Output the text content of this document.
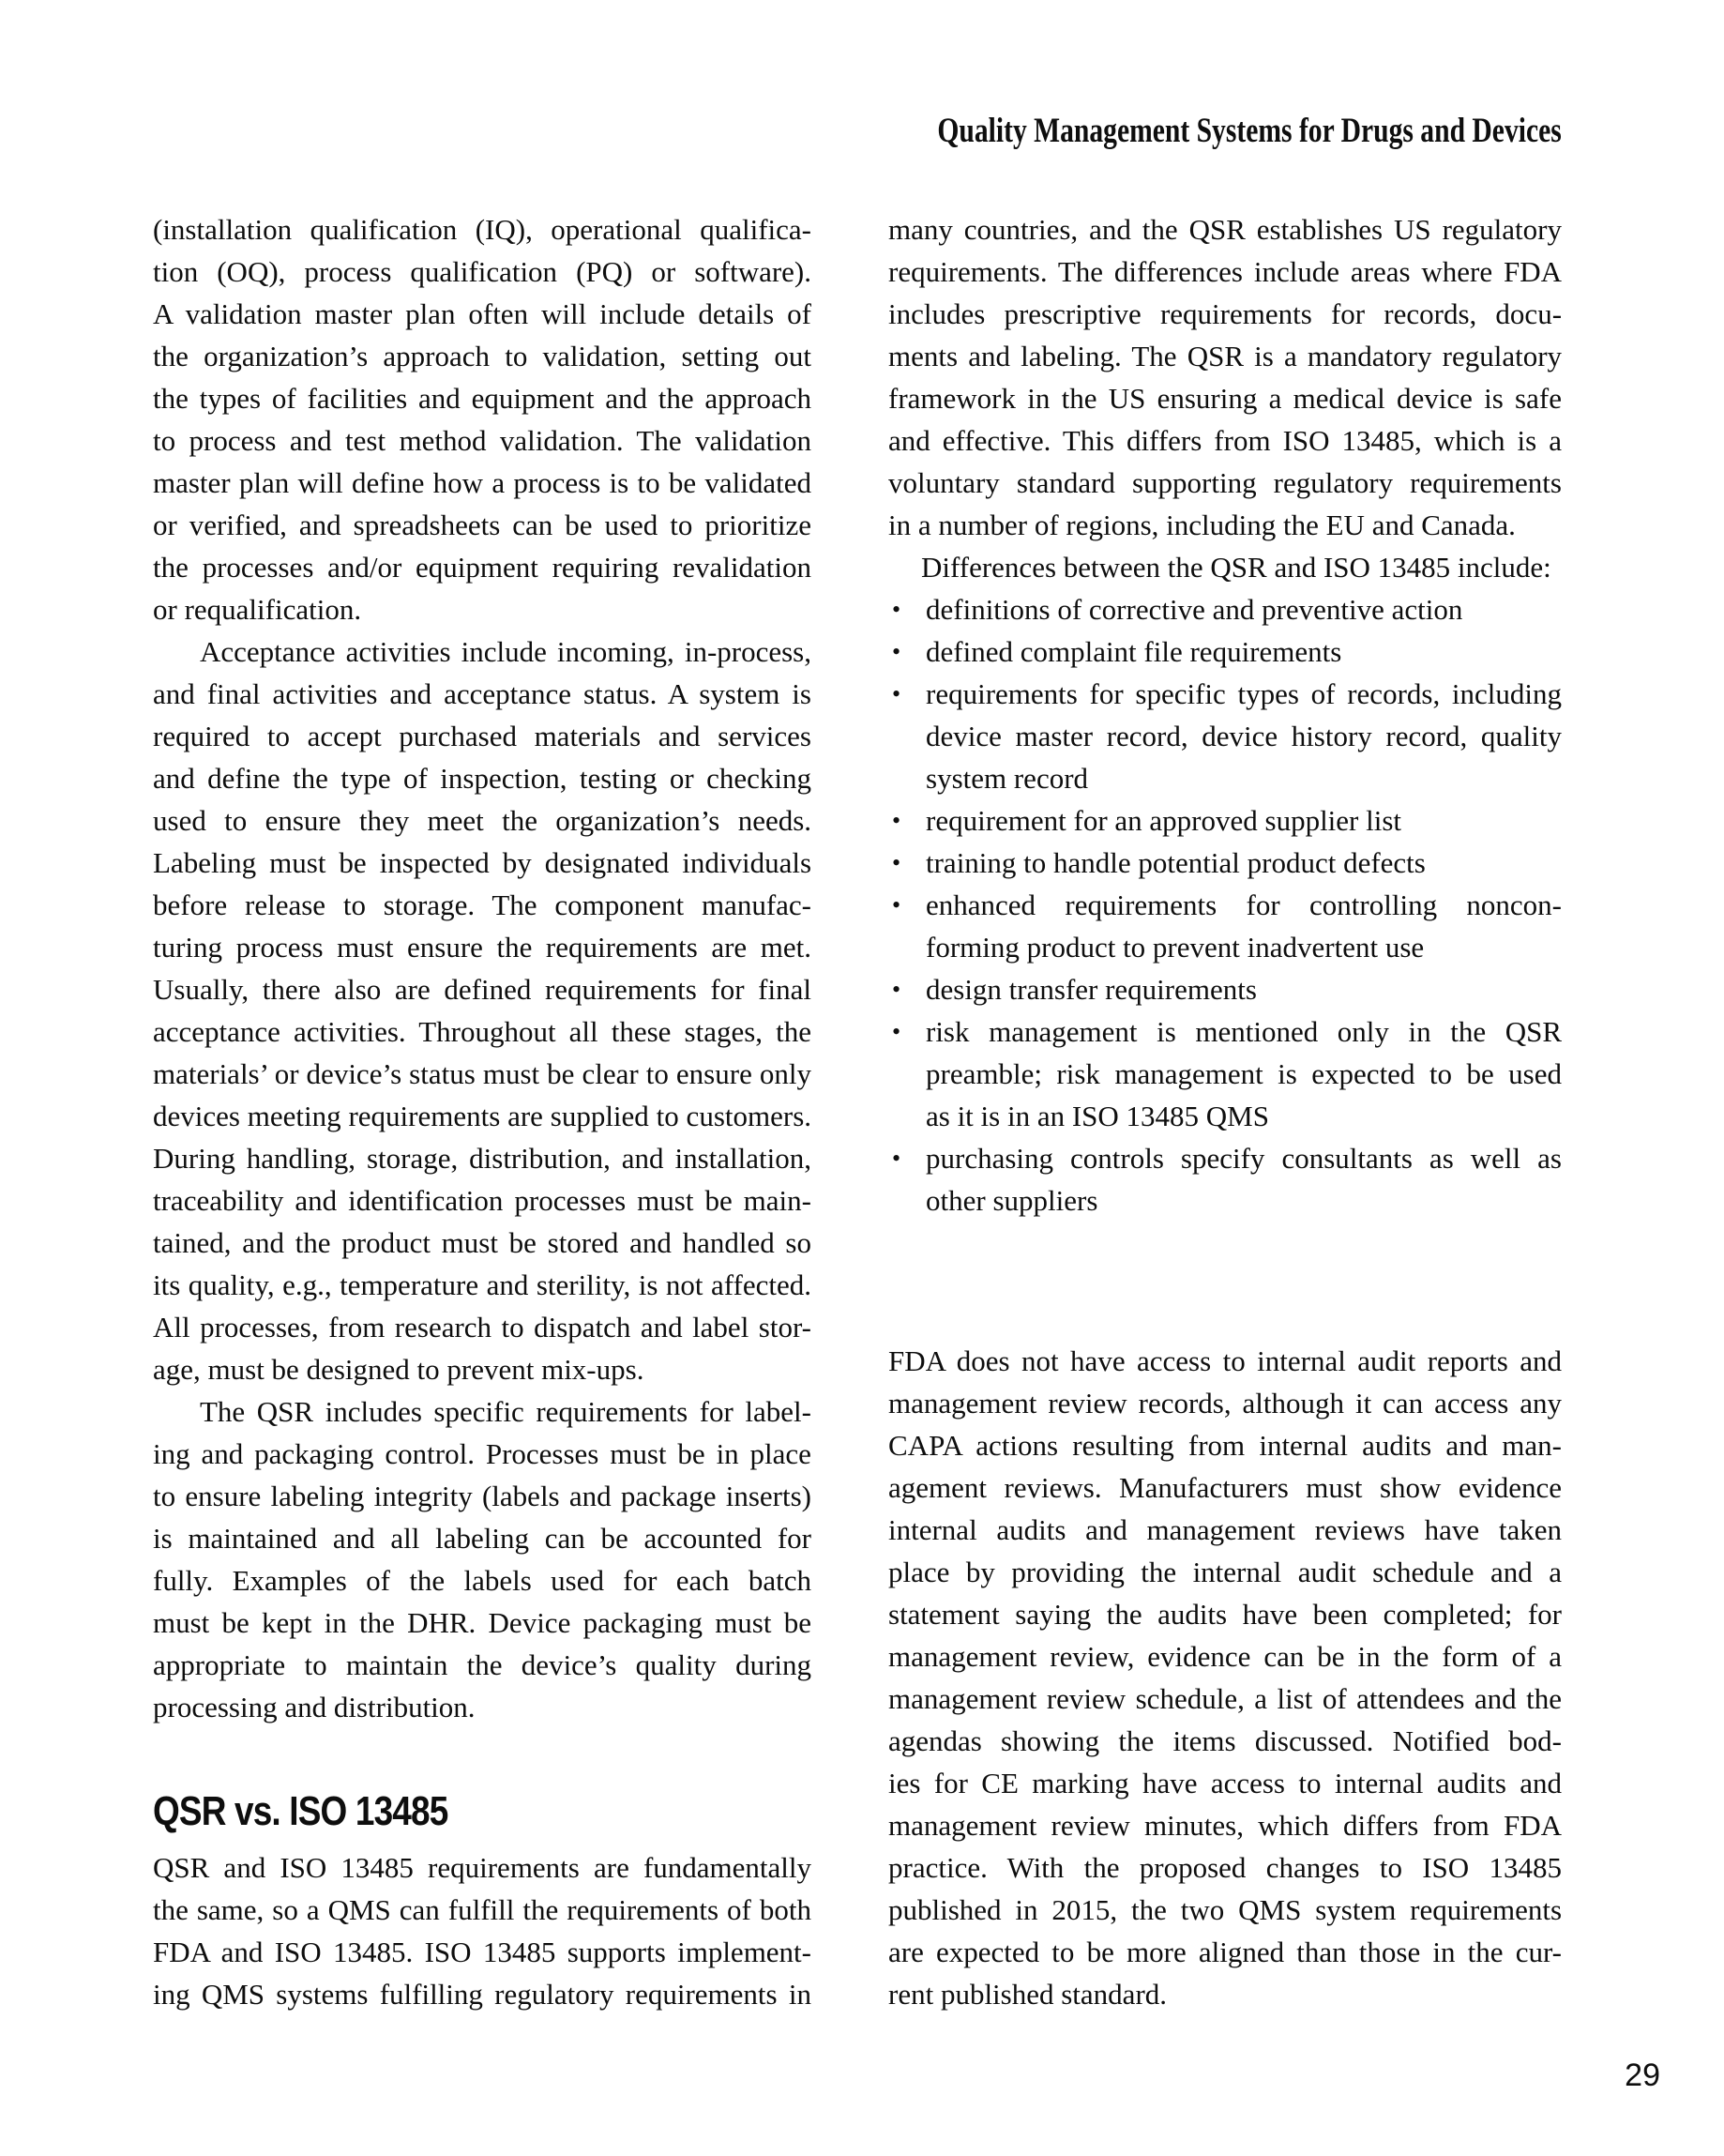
Quality Management Systems for Drugs and Devices
(installation qualification (IQ), operational qualifica-
tion (OQ), process qualification (PQ) or software).
A validation master plan often will include details of
the organization’s approach to validation, setting out
the types of facilities and equipment and the approach
to process and test method validation. The validation
master plan will define how a process is to be validated
or verified, and spreadsheets can be used to prioritize
the processes and/or equipment requiring revalidation
or requalification.
Acceptance activities include incoming, in-process,
and final activities and acceptance status. A system is
required to accept purchased materials and services
and define the type of inspection, testing or checking
used to ensure they meet the organization’s needs.
Labeling must be inspected by designated individuals
before release to storage. The component manufac-
turing process must ensure the requirements are met.
Usually, there also are defined requirements for final
acceptance activities. Throughout all these stages, the
materials’ or device’s status must be clear to ensure only
devices meeting requirements are supplied to customers.
During handling, storage, distribution, and installation,
traceability and identification processes must be main-
tained, and the product must be stored and handled so
its quality, e.g., temperature and sterility, is not affected.
All processes, from research to dispatch and label stor-
age, must be designed to prevent mix-ups.
The QSR includes specific requirements for label-
ing and packaging control. Processes must be in place
to ensure labeling integrity (labels and package inserts)
is maintained and all labeling can be accounted for
fully. Examples of the labels used for each batch
must be kept in the DHR. Device packaging must be
appropriate to maintain the device’s quality during
processing and distribution.
QSR vs. ISO 13485
QSR and ISO 13485 requirements are fundamentally
the same, so a QMS can fulfill the requirements of both
FDA and ISO 13485. ISO 13485 supports implement-
ing QMS systems fulfilling regulatory requirements in
many countries, and the QSR establishes US regulatory
requirements. The differences include areas where FDA
includes prescriptive requirements for records, docu-
ments and labeling. The QSR is a mandatory regulatory
framework in the US ensuring a medical device is safe
and effective. This differs from ISO 13485, which is a
voluntary standard supporting regulatory requirements
in a number of regions, including the EU and Canada.
Differences between the QSR and ISO 13485 include:
• definitions of corrective and preventive action
• defined complaint file requirements
• requirements for specific types of records, including
device master record, device history record, quality
system record
• requirement for an approved supplier list
• training to handle potential product defects
• enhanced requirements for controlling noncon-
forming product to prevent inadvertent use
• design transfer requirements
• risk management is mentioned only in the QSR
preamble; risk management is expected to be used
as it is in an ISO 13485 QMS
• purchasing controls specify consultants as well as
other suppliers
FDA does not have access to internal audit reports and
management review records, although it can access any
CAPA actions resulting from internal audits and man-
agement reviews. Manufacturers must show evidence
internal audits and management reviews have taken
place by providing the internal audit schedule and a
statement saying the audits have been completed; for
management review, evidence can be in the form of a
management review schedule, a list of attendees and the
agendas showing the items discussed. Notified bod-
ies for CE marking have access to internal audits and
management review minutes, which differs from FDA
practice. With the proposed changes to ISO 13485
published in 2015, the two QMS system requirements
are expected to be more aligned than those in the cur-
rent published standard.
29
